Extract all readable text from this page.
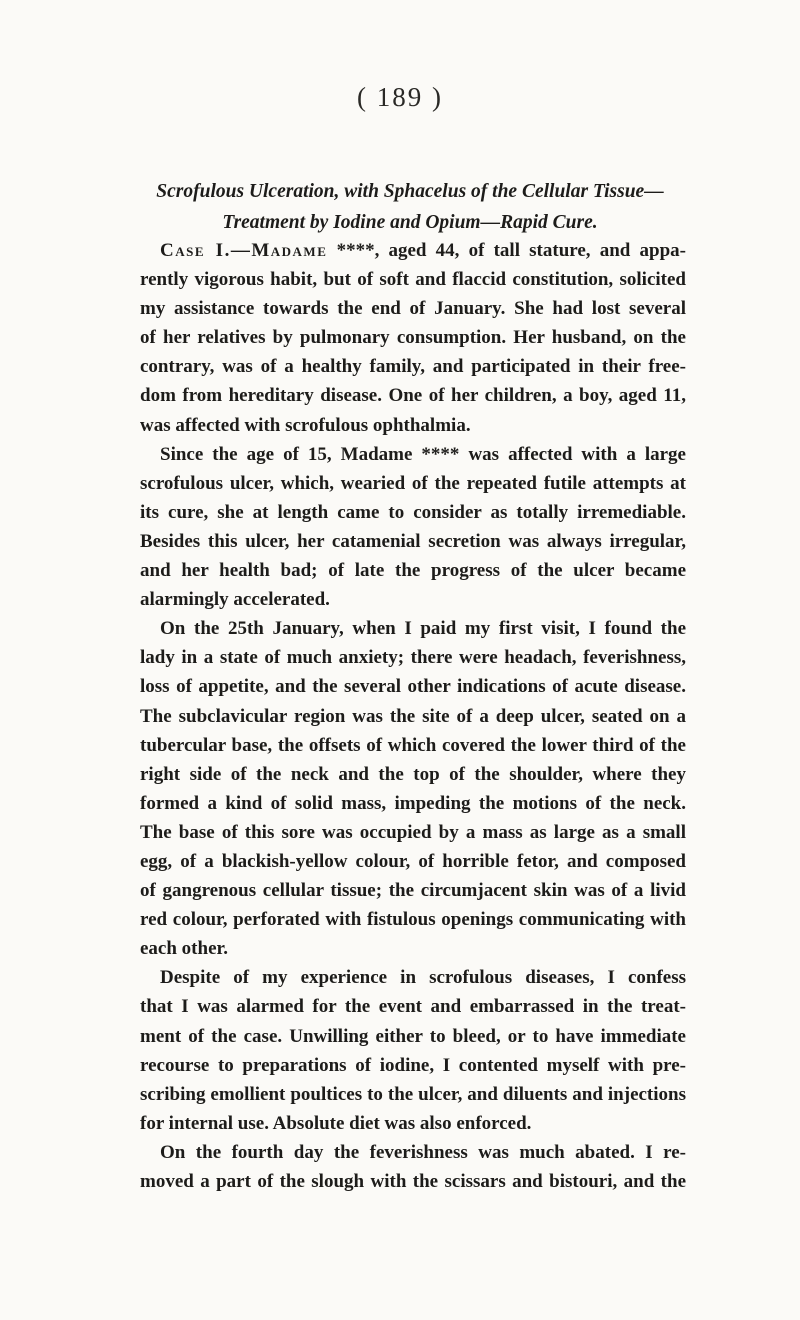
( 189 )
Scrofulous Ulceration, with Sphacelus of the Cellular Tissue—
Treatment by Iodine and Opium—Rapid Cure.
Case I.—Madame ****, aged 44, of tall stature, and appa-
rently vigorous habit, but of soft and flaccid constitution, solicited
my assistance towards the end of January. She had lost several
of her relatives by pulmonary consumption. Her husband, on the
contrary, was of a healthy family, and participated in their free-
dom from hereditary disease. One of her children, a boy, aged 11,
was affected with scrofulous ophthalmia.
Since the age of 15, Madame **** was affected with a large
scrofulous ulcer, which, wearied of the repeated futile attempts at
its cure, she at length came to consider as totally irremediable.
Besides this ulcer, her catamenial secretion was always irregular,
and her health bad; of late the progress of the ulcer became
alarmingly accelerated.
On the 25th January, when I paid my first visit, I found the
lady in a state of much anxiety; there were headach, feverishness,
loss of appetite, and the several other indications of acute disease.
The subclavicular region was the site of a deep ulcer, seated on a
tubercular base, the offsets of which covered the lower third of the
right side of the neck and the top of the shoulder, where they
formed a kind of solid mass, impeding the motions of the neck.
The base of this sore was occupied by a mass as large as a small
egg, of a blackish-yellow colour, of horrible fetor, and composed
of gangrenous cellular tissue; the circumjacent skin was of a livid
red colour, perforated with fistulous openings communicating with
each other.
Despite of my experience in scrofulous diseases, I confess
that I was alarmed for the event and embarrassed in the treat-
ment of the case. Unwilling either to bleed, or to have immediate
recourse to preparations of iodine, I contented myself with pre-
scribing emollient poultices to the ulcer, and diluents and injections
for internal use. Absolute diet was also enforced.
On the fourth day the feverishness was much abated. I re-
moved a part of the slough with the scissars and bistouri, and the
